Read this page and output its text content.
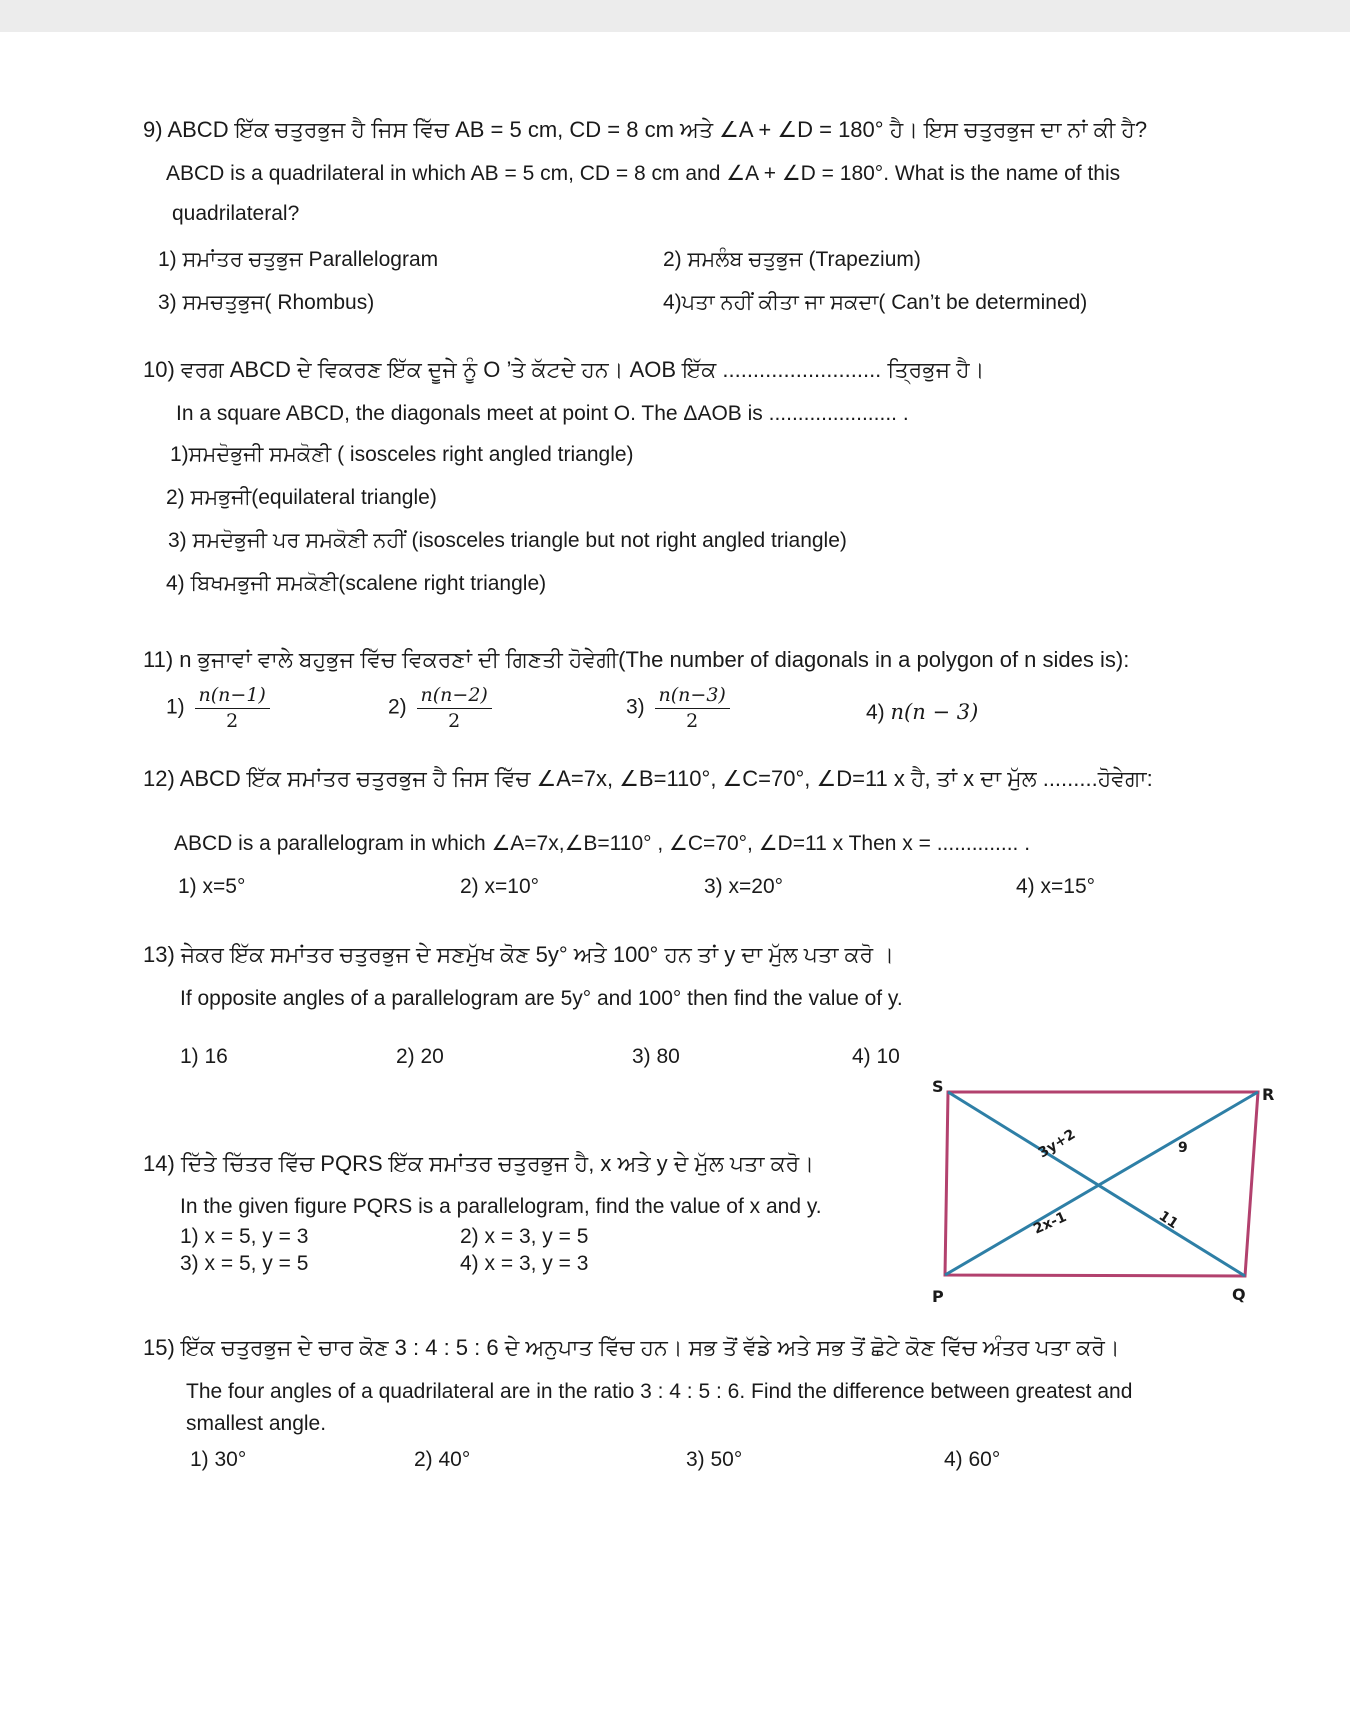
9) ABCD ਇੱਕ ਚਤੁਰਭੁਜ ਹੈ ਜਿਸ ਵਿੱਚ AB = 5 cm, CD = 8 cm ਅਤੇ ∠A + ∠D = 180° ਹੈ। ਇਸ ਚਤੁਰਭੁਜ ਦਾ ਨਾਂ ਕੀ ਹੈ?
ABCD is a quadrilateral in which AB = 5 cm, CD = 8 cm and ∠A + ∠D = 180°. What is the name of this
quadrilateral?
1) ਸਮਾਂਤਰ ਚਤੁਭੁਜ Parallelogram	2) ਸਮਲੰਬ ਚਤੁਭੁਜ (Trapezium)
3) ਸਮਚਤੁਭੁਜ( Rhombus)	4)ਪਤਾ ਨਹੀਂ ਕੀਤਾ ਜਾ ਸਕਦਾ( Can’t be determined)
10) ਵਰਗ ABCD ਦੇ ਵਿਕਰਣ ਇੱਕ ਦੂਜੇ ਨੂੰ O ’ਤੇ ਕੱਟਦੇ ਹਨ। AOB ਇੱਕ .......................... ਤ੍ਰਿਭੁਜ ਹੈ।
In a square ABCD, the diagonals meet at point O. The ΔAOB is ...................... .
1)ਸਮਦੋਭੁਜੀ ਸਮਕੋਣੀ ( isosceles right angled triangle)
2) ਸਮਭੁਜੀ(equilateral triangle)
3) ਸਮਦੋਭੁਜੀ ਪਰ ਸਮਕੋਣੀ ਨਹੀਂ (isosceles triangle but not right angled triangle)
4) ਬਿਖਮਭੁਜੀ ਸਮਕੋਣੀ(scalene right triangle)
11) n ਭੁਜਾਵਾਂ ਵਾਲੇ ਬਹੁਭੁਜ ਵਿੱਚ ਵਿਕਰਣਾਂ ਦੀ ਗਿਣਤੀ ਹੋਵੇਗੀ(The number of diagonals in a polygon of n sides is):
$1) \frac{n(n-1)}{2}$	$2) \frac{n(n-2)}{2}$	$3) \frac{n(n-3)}{2}$	4) n(n − 3)
12) ABCD ਇੱਕ ਸਮਾਂਤਰ ਚਤੁਰਭੁਜ ਹੈ ਜਿਸ ਵਿੱਚ ∠A=7x, ∠B=110°, ∠C=70°, ∠D=11 x ਹੈ, ਤਾਂ x ਦਾ ਮੁੱਲ .........ਹੋਵੇਗਾ:
ABCD is a parallelogram in which ∠A=7x,∠B=110° , ∠C=70°, ∠D=11 x Then x = .............. .
1) x=5°	2) x=10°	3) x=20°	4) x=15°
13) ਜੇਕਰ ਇੱਕ ਸਮਾਂਤਰ ਚਤੁਰਭੁਜ ਦੇ ਸਣਮੁੱਖ ਕੋਣ 5y° ਅਤੇ 100° ਹਨ ਤਾਂ y ਦਾ ਮੁੱਲ ਪਤਾ ਕਰੋ ।
If opposite angles of a parallelogram are 5y° and 100° then find the value of y.
1) 16	2) 20	3) 80	4) 10
14) ਦਿੱਤੇ ਚਿੱਤਰ ਵਿੱਚ PQRS ਇੱਕ ਸਮਾਂਤਰ ਚਤੁਰਭੁਜ ਹੈ, x ਅਤੇ y ਦੇ ਮੁੱਲ ਪਤਾ ਕਰੋ।
In the given figure PQRS is a parallelogram, find the value of x and y.
1) x = 5, y = 3	2) x = 3, y = 5
3) x = 5, y = 5	4) x = 3, y = 3
S	R
P	Q
3y+2	9
2x-1	11
15) ਇੱਕ ਚਤੁਰਭੁਜ ਦੇ ਚਾਰ ਕੋਣ 3 : 4 : 5 : 6 ਦੇ ਅਨੁਪਾਤ ਵਿੱਚ ਹਨ। ਸਭ ਤੋਂ ਵੱਡੇ ਅਤੇ ਸਭ ਤੋਂ ਛੋਟੇ ਕੋਣ ਵਿੱਚ ਅੰਤਰ ਪਤਾ ਕਰੋ।
The four angles of a quadrilateral are in the ratio 3 : 4 : 5 : 6. Find the difference between greatest and
smallest angle.
1) 30°	2) 40°	3) 50°	4) 60°
